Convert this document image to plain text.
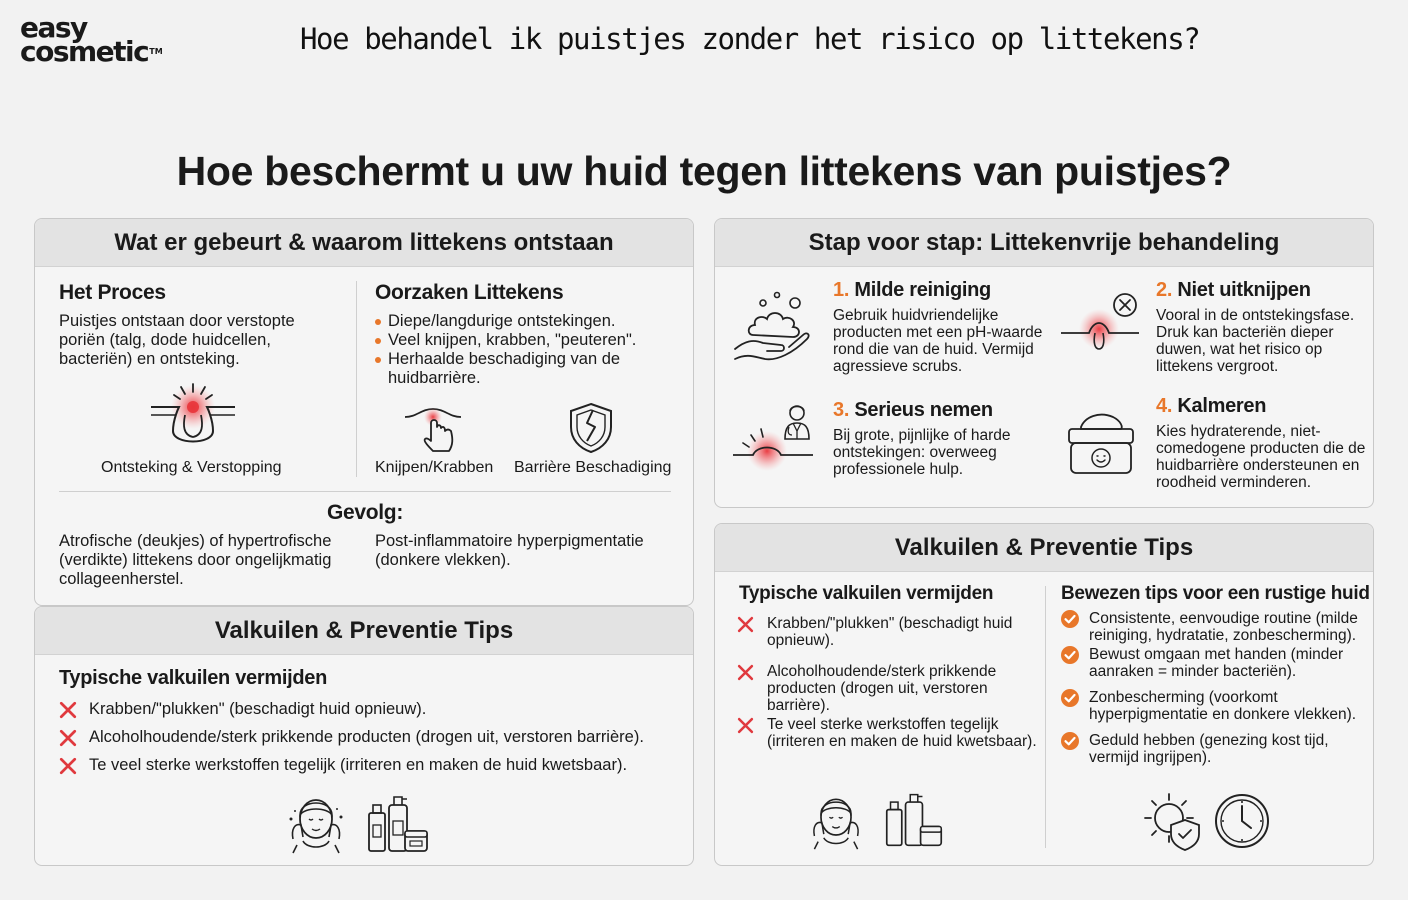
easy
cosmetic™	Hoe behandel ik puistjes zonder het risico op littekens?
Hoe beschermt u uw huid tegen littekens van puistjes?
Wat er gebeurt & waarom littekens ontstaan
Het Proces
Puistjes ontstaan door verstopte poriën (talg, dode huidcellen, bacteriën) en ontsteking.
Ontsteking & Verstopping
Oorzaken Littekens
Diepe/langdurige ontstekingen.
Veel knijpen, krabben, "peuteren".
Herhaalde beschadiging van de huidbarrière.
Knijpen/Krabben Barrière Beschadiging
Gevolg:
Atrofische (deukjes) of hypertrofische (verdikte) littekens door ongelijkmatig collageenherstel.
Post-inflammatoire hyperpigmentatie (donkere vlekken).
Valkuilen & Preventie Tips
Typische valkuilen vermijden
Krabben/"plukken" (beschadigt huid opnieuw).
Alcoholhoudende/sterk prikkende producten (drogen uit, verstoren barrière).
Te veel sterke werkstoffen tegelijk (irriteren en maken de huid kwetsbaar).
Stap voor stap: Littekenvrije behandeling
1. Milde reiniging
Gebruik huidvriendelijke producten met een pH-waarde rond die van de huid. Vermijd agressieve scrubs.
2. Niet uitknijpen
Vooral in de ontstekingsfase. Druk kan bacteriën dieper duwen, wat het risico op littekens vergroot.
3. Serieus nemen
Bij grote, pijnlijke of harde ontstekingen: overweeg professionele hulp.
4. Kalmeren
Kies hydraterende, niet-comedogene producten die de huidbarrière ondersteunen en roodheid verminderen.
Valkuilen & Preventie Tips
Typische valkuilen vermijden
Krabben/"plukken" (beschadigt huid opnieuw).
Alcoholhoudende/sterk prikkende producten (drogen uit, verstoren barrière).
Te veel sterke werkstoffen tegelijk (irriteren en maken de huid kwetsbaar).
Bewezen tips voor een rustige huid
Consistente, eenvoudige routine (milde reiniging, hydratatie, zonbescherming).
Bewust omgaan met handen (minder aanraken = minder bacteriën).
Zonbescherming (voorkomt hyperpigmentatie en donkere vlekken).
Geduld hebben (genezing kost tijd, vermijd ingrijpen).
